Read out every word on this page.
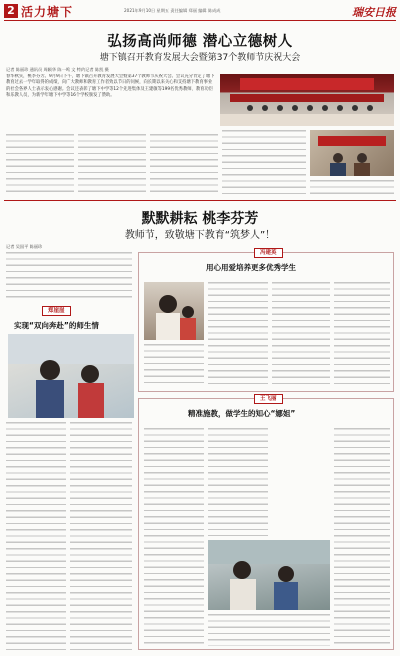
2 活力塘下	2021年9月10日 星期五 责任编辑 郑丽 编辑 陈成成	瑞安日报
弘扬高尚师德 潜心立德树人
塘下镇召开教育发展大会暨第37个教师节庆祝大会
记者 陈丽珍 通讯员 周颖华 陈一鸣 文 特约记者 陈凯 摄
春华秋实，桃李芬芳。9月9日下午，塘下镇召开教育发展大会暨第37个教师节庆祝大会。会议充分肯定了塘下教育过去一学年取得的成绩，向广大教师和教育工作者致以节日的问候，向长期以来关心和支持塘下教育事业的社会各界人士表示衷心感谢。会议还表彰了塘下中学等12个先进集体及王建敏等199名优秀教师、教育功臣和乐教人员，为新学年塘下中学等16个学校颁发了赞助。
默默耕耘 桃李芬芳
教师节，致敬塘下教育“筑梦人”！
记者 吴国平 陈丽珍
郑崖崖
实现“双向奔赴”的师生情
冯建英
用心用爱培养更多优秀学生
王飞丽
精准施教，做学生的知心“娜姐”
